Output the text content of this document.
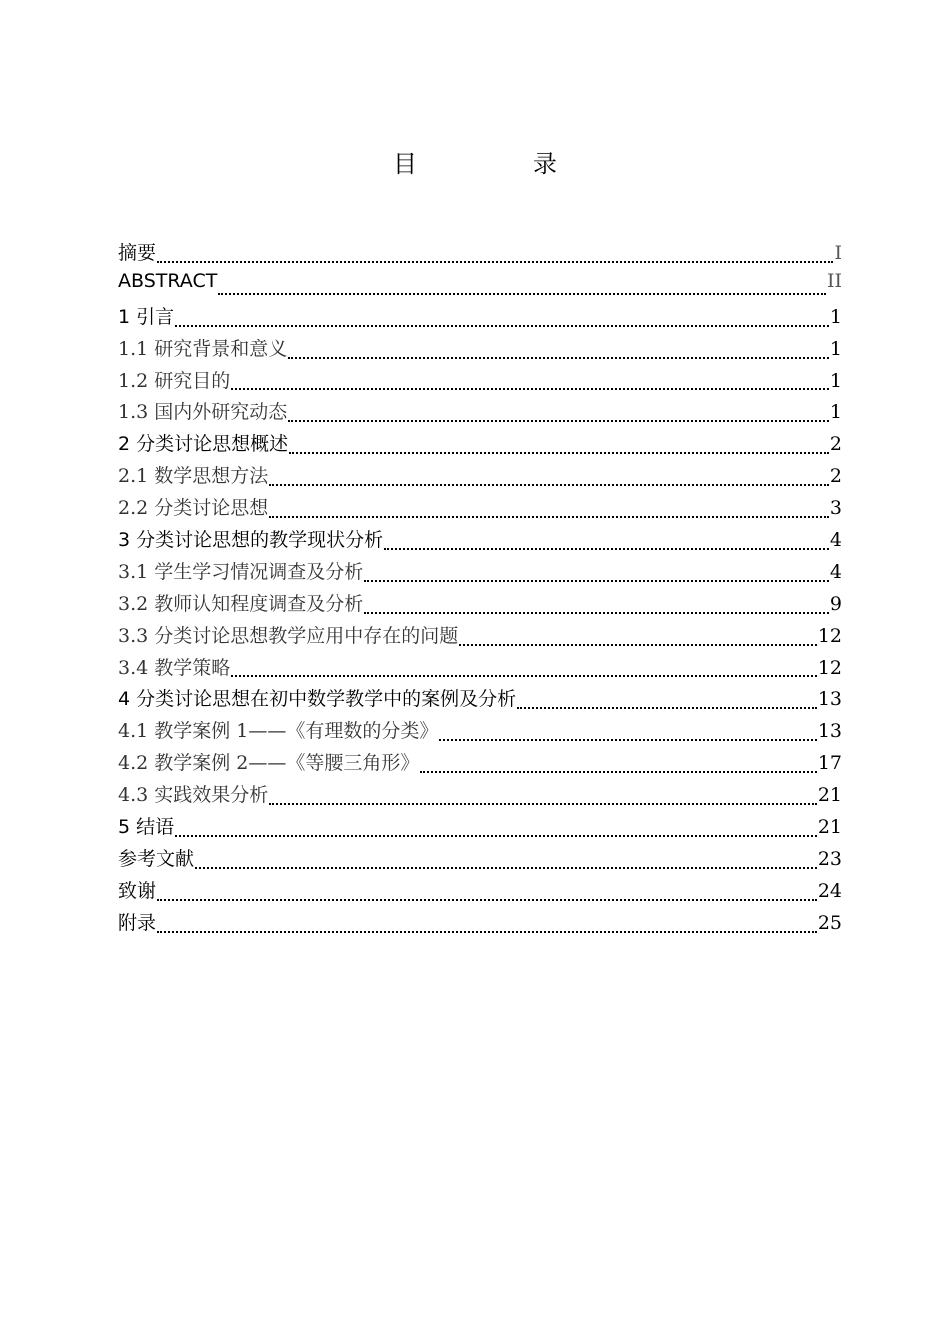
目　录
摘要	I
ABSTRACT	II
1 引言	1
1.1 研究背景和意义	1
1.2 研究目的	1
1.3 国内外研究动态	1
2 分类讨论思想概述	2
2.1 数学思想方法	2
2.2 分类讨论思想	3
3 分类讨论思想的教学现状分析	4
3.1 学生学习情况调查及分析	4
3.2 教师认知程度调查及分析	9
3.3 分类讨论思想教学应用中存在的问题	12
3.4 教学策略	12
4 分类讨论思想在初中数学教学中的案例及分析	13
4.1 教学案例 1——《有理数的分类》	13
4.2 教学案例 2——《等腰三角形》	17
4.3 实践效果分析	21
5 结语	21
参考文献	23
致谢	24
附录	25
